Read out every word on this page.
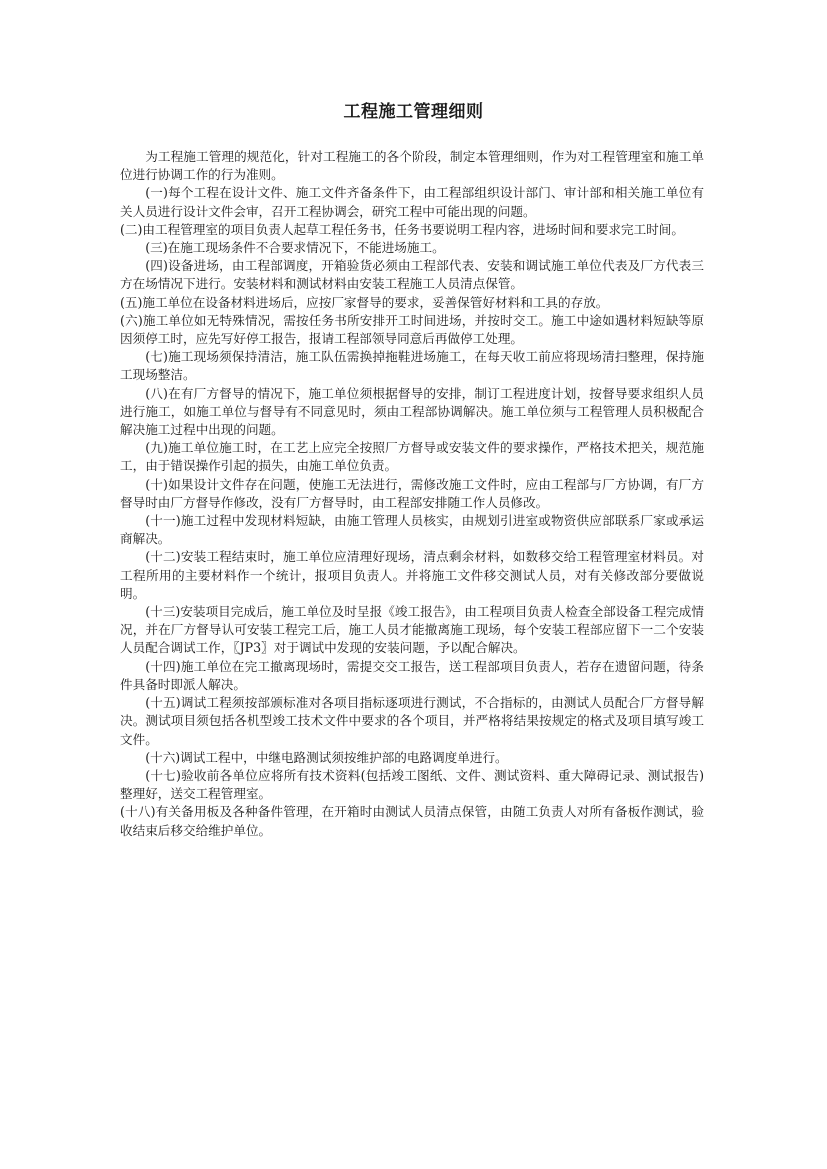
工程施工管理细则

为工程施工管理的规范化，针对工程施工的各个阶段，制定本管理细则，作为对工程管理室和施工单位进行协调工作的行为准则。

(一)每个工程在设计文件、施工文件齐备条件下，由工程部组织设计部门、审计部和相关施工单位有关人员进行设计文件会审，召开工程协调会，研究工程中可能出现的问题。

(二)由工程管理室的项目负责人起草工程任务书，任务书要说明工程内容，进场时间和要求完工时间。

(三)在施工现场条件不合要求情况下，不能进场施工。

(四)设备进场，由工程部调度，开箱验货必须由工程部代表、安装和调试施工单位代表及厂方代表三方在场情况下进行。安装材料和测试材料由安装工程施工人员清点保管。

(五)施工单位在设备材料进场后，应按厂家督导的要求，妥善保管好材料和工具的存放。

(六)施工单位如无特殊情况，需按任务书所安排开工时间进场，并按时交工。施工中途如遇材料短缺等原因须停工时，应先写好停工报告，报请工程部领导同意后再做停工处理。

(七)施工现场须保持清洁，施工队伍需换掉拖鞋进场施工，在每天收工前应将现场清扫整理，保持施工现场整洁。

(八)在有厂方督导的情况下，施工单位须根据督导的安排，制订工程进度计划，按督导要求组织人员进行施工，如施工单位与督导有不同意见时，须由工程部协调解决。施工单位须与工程管理人员积极配合解决施工过程中出现的问题。

(九)施工单位施工时，在工艺上应完全按照厂方督导或安装文件的要求操作，严格技术把关，规范施工，由于错误操作引起的损失，由施工单位负责。

(十)如果设计文件存在问题，使施工无法进行，需修改施工文件时，应由工程部与厂方协调，有厂方督导时由厂方督导作修改，没有厂方督导时，由工程部安排随工作人员修改。

(十一)施工过程中发现材料短缺，由施工管理人员核实，由规划引进室或物资供应部联系厂家或承运商解决。

(十二)安装工程结束时，施工单位应清理好现场，清点剩余材料，如数移交给工程管理室材料员。对工程所用的主要材料作一个统计，报项目负责人。并将施工文件移交测试人员，对有关修改部分要做说明。

(十三)安装项目完成后，施工单位及时呈报《竣工报告》，由工程项目负责人检查全部设备工程完成情况，并在厂方督导认可安装工程完工后，施工人员才能撤离施工现场，每个安装工程部应留下一二个安装人员配合调试工作，〖JP3〗对于调试中发现的安装问题，予以配合解决。

(十四)施工单位在完工撤离现场时，需提交交工报告，送工程部项目负责人，若存在遗留问题，待条件具备时即派人解决。

(十五)调试工程须按部颁标准对各项目指标逐项进行测试，不合指标的，由测试人员配合厂方督导解决。测试项目须包括各机型竣工技术文件中要求的各个项目，并严格将结果按规定的格式及项目填写竣工文件。

(十六)调试工程中，中继电路测试须按维护部的电路调度单进行。

(十七)验收前各单位应将所有技术资料(包括竣工图纸、文件、测试资料、重大障碍记录、测试报告)整理好，送交工程管理室。

(十八)有关备用板及各种备件管理，在开箱时由测试人员清点保管，由随工负责人对所有备板作测试，验收结束后移交给维护单位。
